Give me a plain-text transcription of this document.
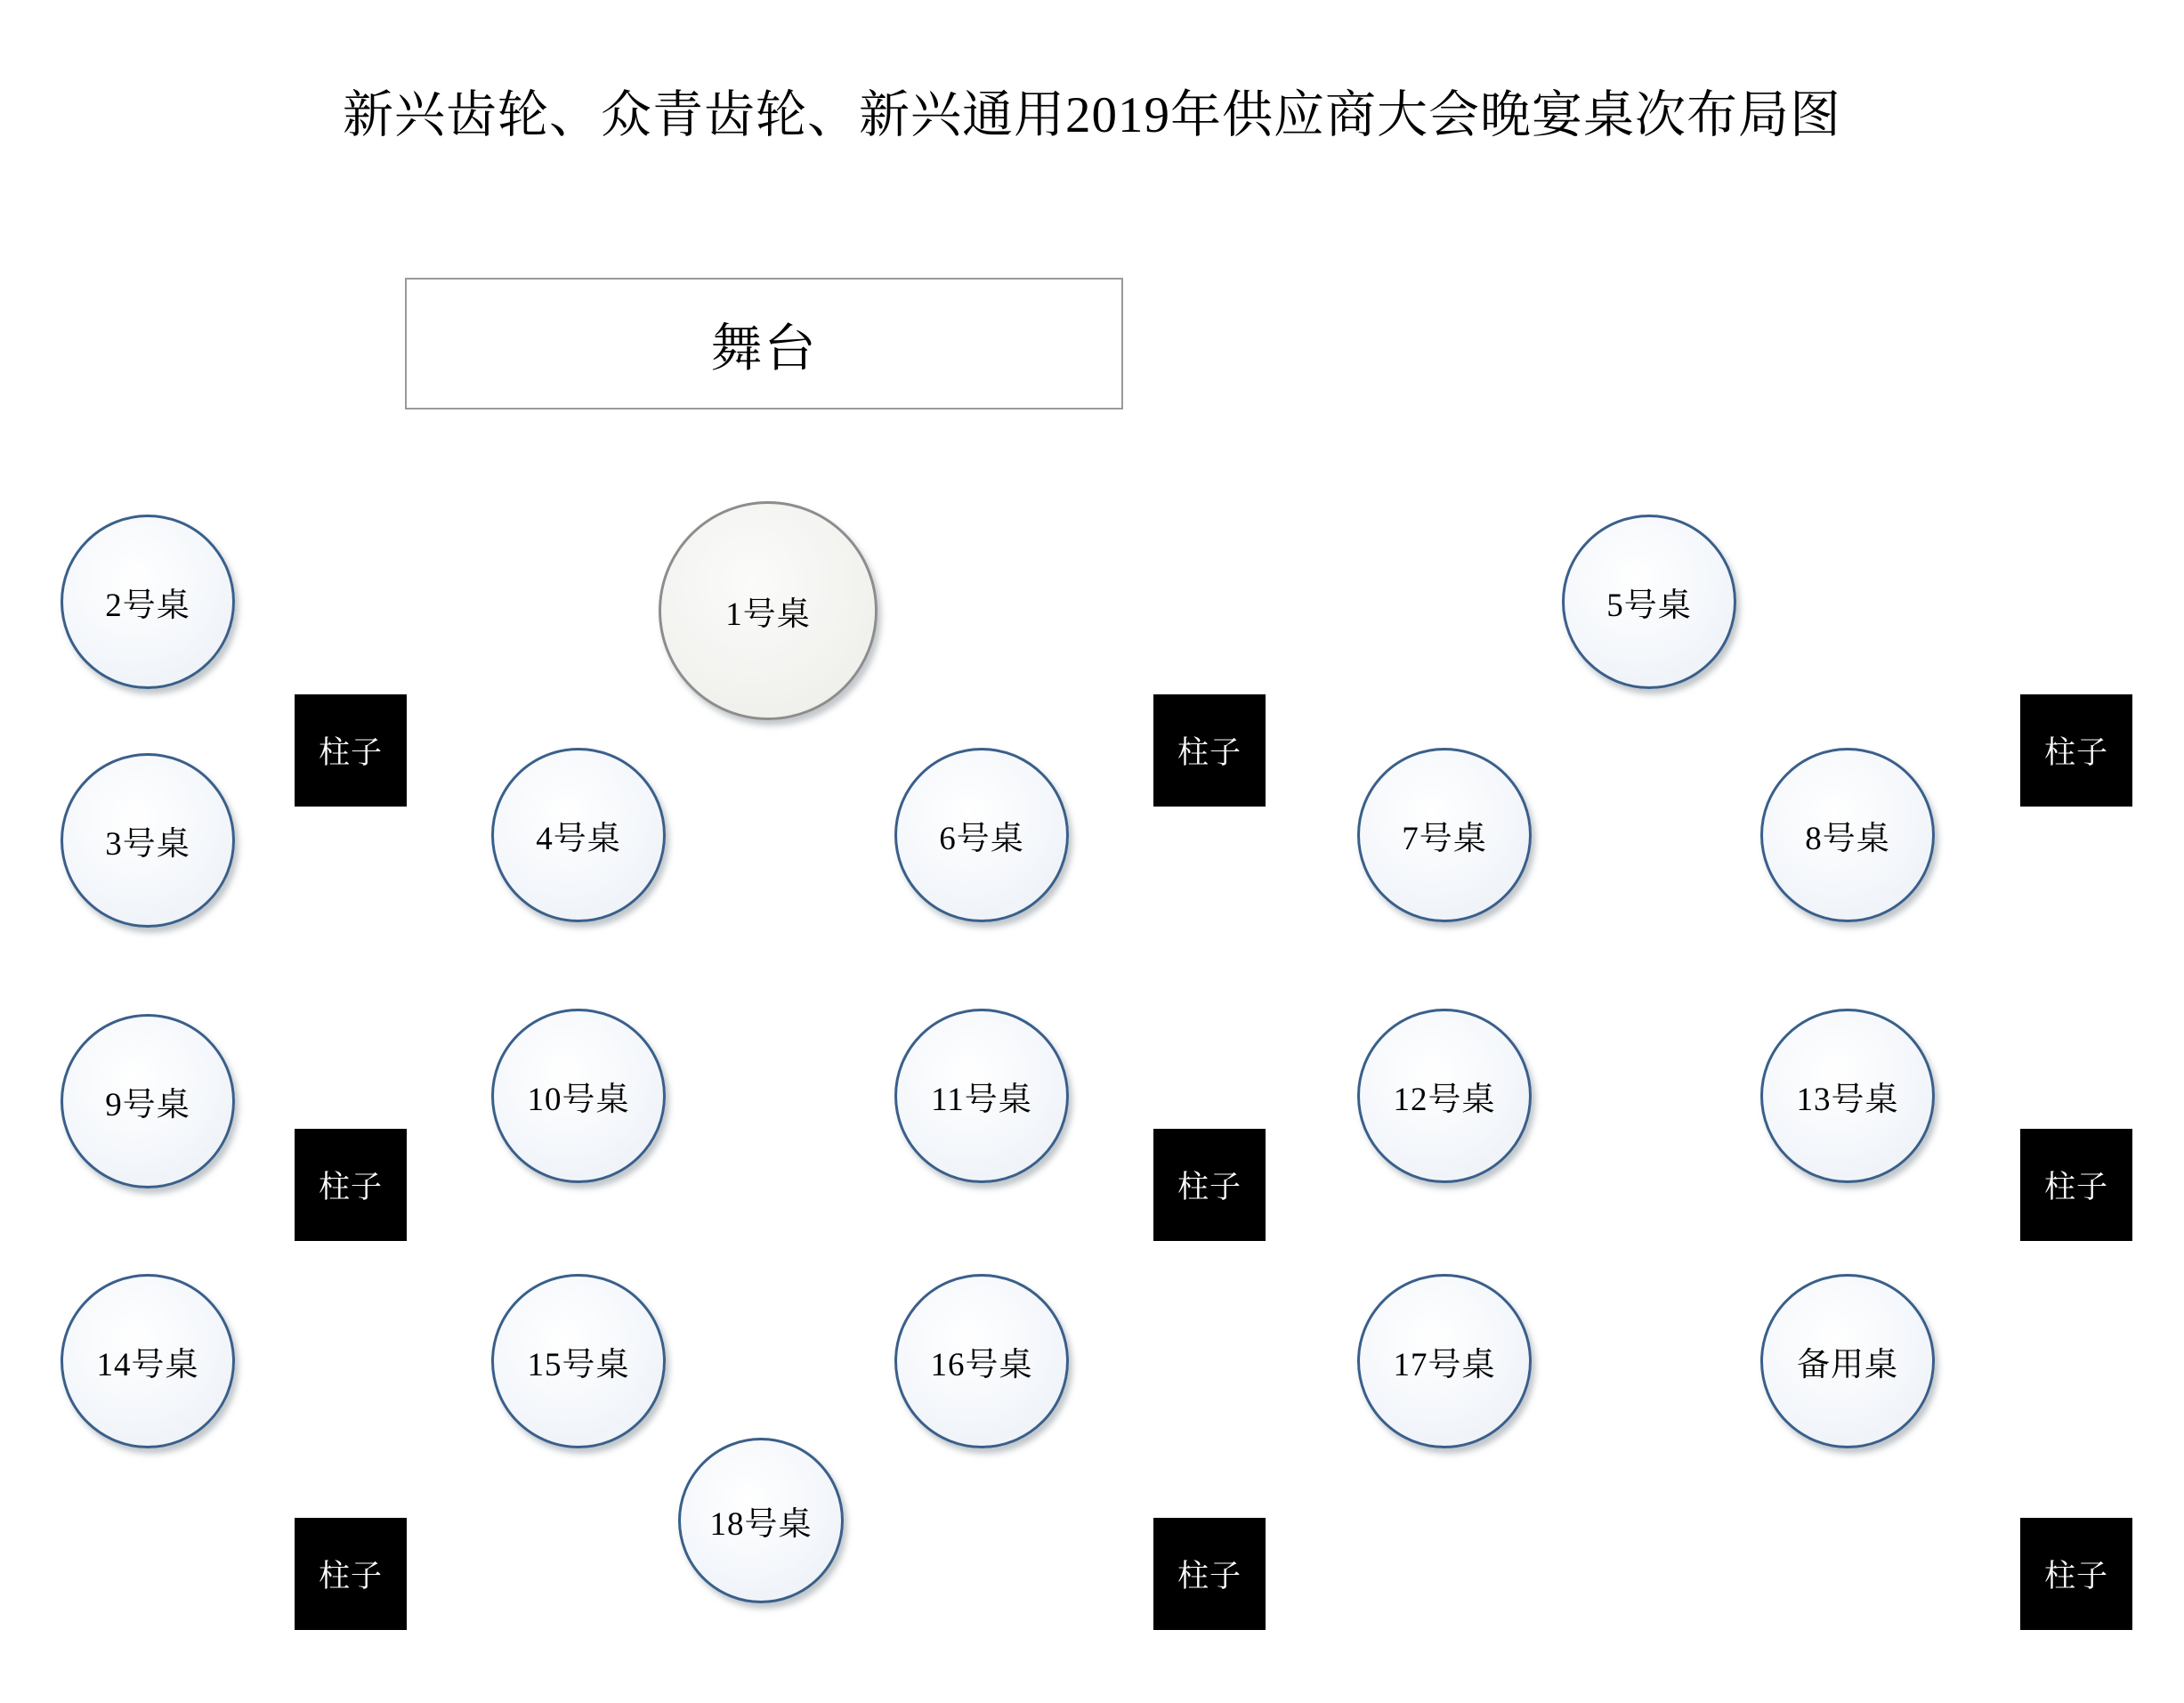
新兴齿轮、众青齿轮、新兴通用2019年供应商大会晚宴桌次布局图
舞台
1号桌
2号桌
3号桌	4号桌
5号桌
6号桌	7号桌	8号桌
9号桌	10号桌	11号桌	12号桌	13号桌
14号桌	15号桌	16号桌	17号桌	备用桌
18号桌
柱子	柱子	柱子
柱子	柱子	柱子
柱子	柱子	柱子
